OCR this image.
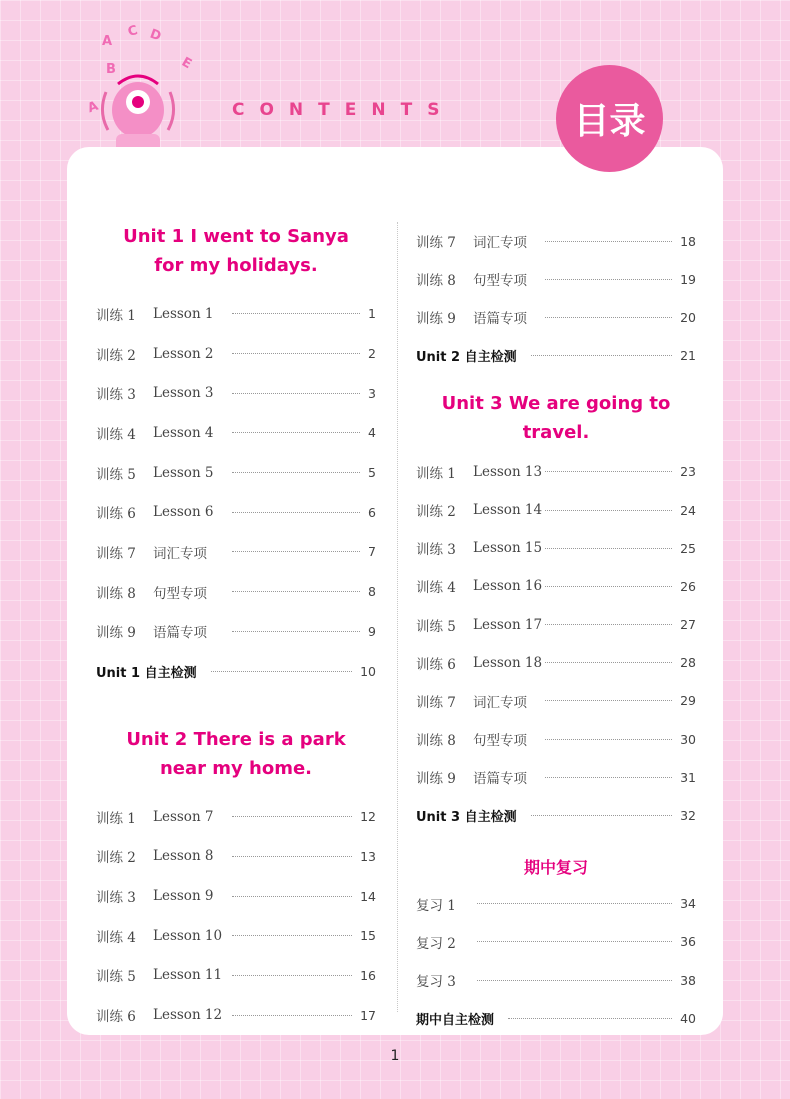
A
C D
B	E
A	CONTENTS	目录
Unit 1 I went to Sanya
for my holidays.
训练 1	Lesson 1	1
训练 2	Lesson 2	2
训练 3	Lesson 3	3
训练 4	Lesson 4	4
训练 5	Lesson 5	5
训练 6	Lesson 6	6
训练 7	词汇专项	7
训练 8	句型专项	8
训练 9	语篇专项	9
Unit 1 自主检测	10
Unit 2 There is a park
near my home.
训练 1	Lesson 7	12
训练 2	Lesson 8	13
训练 3	Lesson 9	14
训练 4	Lesson 10	15
训练 5	Lesson 11	16
训练 6	Lesson 12	17
训练 7	词汇专项	18
训练 8	句型专项	19
训练 9	语篇专项	20
Unit 2 自主检测	21
Unit 3 We are going to travel.
训练 1	Lesson 13	23
训练 2	Lesson 14	24
训练 3	Lesson 15	25
训练 4	Lesson 16	26
训练 5	Lesson 17	27
训练 6	Lesson 18	28
训练 7	词汇专项	29
训练 8	句型专项	30
训练 9	语篇专项	31
Unit 3 自主检测	32
期中复习
复习 1	34
复习 2	36
复习 3	38
期中自主检测	40
1
